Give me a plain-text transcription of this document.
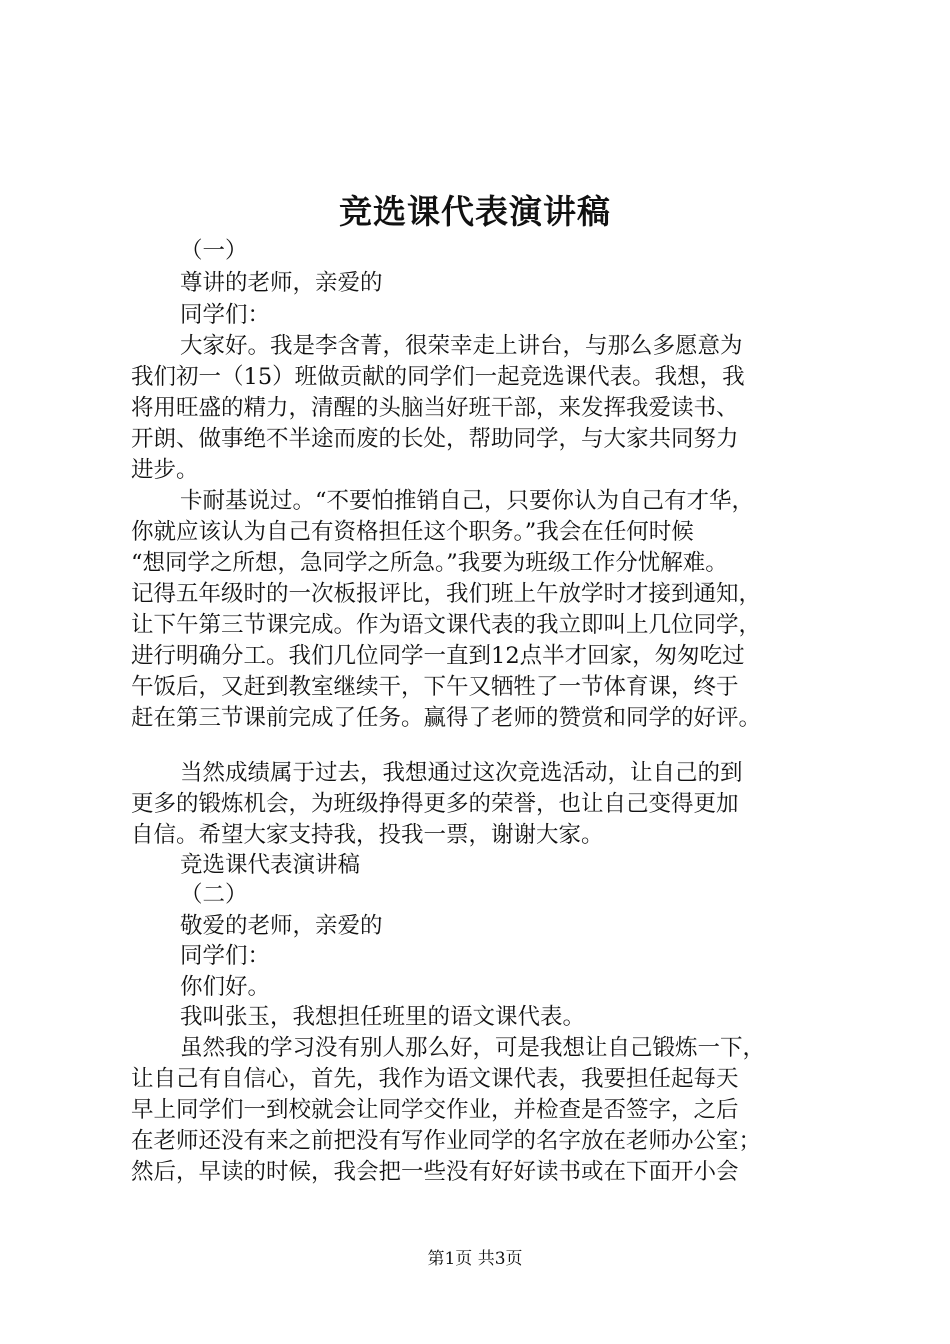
竞选课代表演讲稿
（一）
尊讲的老师，亲爱的
同学们：
大家好。我是李含菁，很荣幸走上讲台，与那么多愿意为
我们初一（15）班做贡献的同学们一起竞选课代表。我想，我
将用旺盛的精力，清醒的头脑当好班干部，来发挥我爱读书、
开朗、做事绝不半途而废的长处，帮助同学，与大家共同努力
进步。
卡耐基说过。“不要怕推销自己，只要你认为自己有才华，
你就应该认为自己有资格担任这个职务。”我会在任何时候
“想同学之所想，急同学之所急。”我要为班级工作分忧解难。
记得五年级时的一次板报评比，我们班上午放学时才接到通知，
让下午第三节课完成。作为语文课代表的我立即叫上几位同学，
进行明确分工。我们几位同学一直到12点半才回家，匆匆吃过
午饭后，又赶到教室继续干，下午又牺牲了一节体育课，终于
赶在第三节课前完成了任务。赢得了老师的赞赏和同学的好评。
当然成绩属于过去，我想通过这次竞选活动，让自己的到
更多的锻炼机会，为班级挣得更多的荣誉，也让自己变得更加
自信。希望大家支持我，投我一票，谢谢大家。
竞选课代表演讲稿
（二）
敬爱的老师，亲爱的
同学们：
你们好。
我叫张玉，我想担任班里的语文课代表。
虽然我的学习没有别人那么好，可是我想让自己锻炼一下，
让自己有自信心，首先，我作为语文课代表，我要担任起每天
早上同学们一到校就会让同学交作业，并检查是否签字，之后
在老师还没有来之前把没有写作业同学的名字放在老师办公室；
然后，早读的时候，我会把一些没有好好读书或在下面开小会
第1页 共3页
